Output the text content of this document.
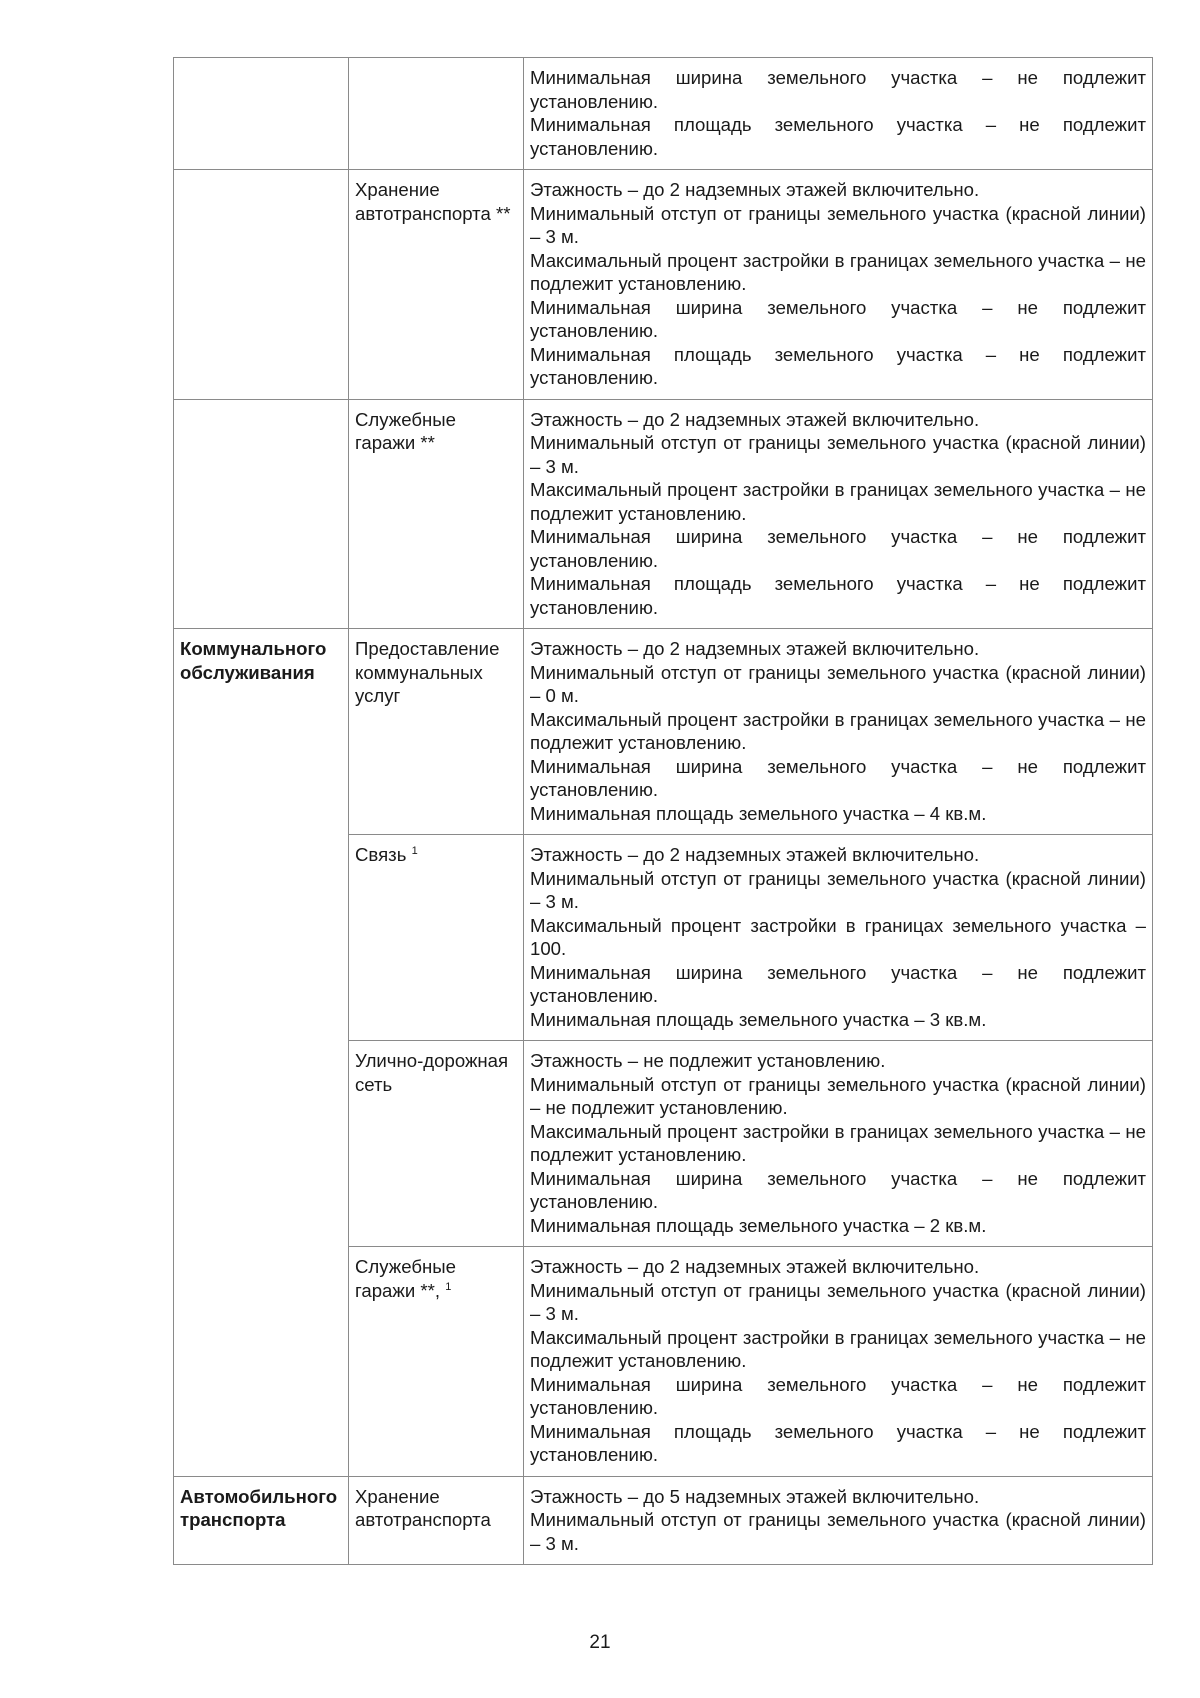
		Минимальная ширина земельного участка – не подлежит установлению.
Минимальная площадь земельного участка – не подлежит установлению.

	Хранение автотранспорта **	Этажность – до 2 надземных этажей включительно.
Минимальный отступ от границы земельного участка (красной линии) – 3 м.
Максимальный процент застройки в границах земельного участка – не подлежит установлению.
Минимальная ширина земельного участка – не подлежит установлению.
Минимальная площадь земельного участка – не подлежит установлению.

	Служебные гаражи **	Этажность – до 2 надземных этажей включительно.
Минимальный отступ от границы земельного участка (красной линии) – 3 м.
Максимальный процент застройки в границах земельного участка – не подлежит установлению.
Минимальная ширина земельного участка – не подлежит установлению.
Минимальная площадь земельного участка – не подлежит установлению.

Коммунального обслуживания	Предоставление коммунальных услуг	Этажность – до 2 надземных этажей включительно.
Минимальный отступ от границы земельного участка (красной линии) – 0 м.
Максимальный процент застройки в границах земельного участка – не подлежит установлению.
Минимальная ширина земельного участка – не подлежит установлению.
Минимальная площадь земельного участка – 4 кв.м.

	Связь $^1$	Этажность – до 2 надземных этажей включительно.
Минимальный отступ от границы земельного участка (красной линии) – 3 м.
Максимальный процент застройки в границах земельного участка – 100.
Минимальная ширина земельного участка – не подлежит установлению.
Минимальная площадь земельного участка – 3 кв.м.

	Улично-дорожная сеть	Этажность – не подлежит установлению.
Минимальный отступ от границы земельного участка (красной линии) – не подлежит установлению.
Максимальный процент застройки в границах земельного участка – не подлежит установлению.
Минимальная ширина земельного участка – не подлежит установлению.
Минимальная площадь земельного участка – 2 кв.м.

	Служебные гаражи **, $^1$	Этажность – до 2 надземных этажей включительно.
Минимальный отступ от границы земельного участка (красной линии) – 3 м.
Максимальный процент застройки в границах земельного участка – не подлежит установлению.
Минимальная ширина земельного участка – не подлежит установлению.
Минимальная площадь земельного участка – не подлежит установлению.

Автомобильного транспорта	Хранение автотранспорта	Этажность – до 5 надземных этажей включительно.
Минимальный отступ от границы земельного участка (красной линии) – 3 м.
21
